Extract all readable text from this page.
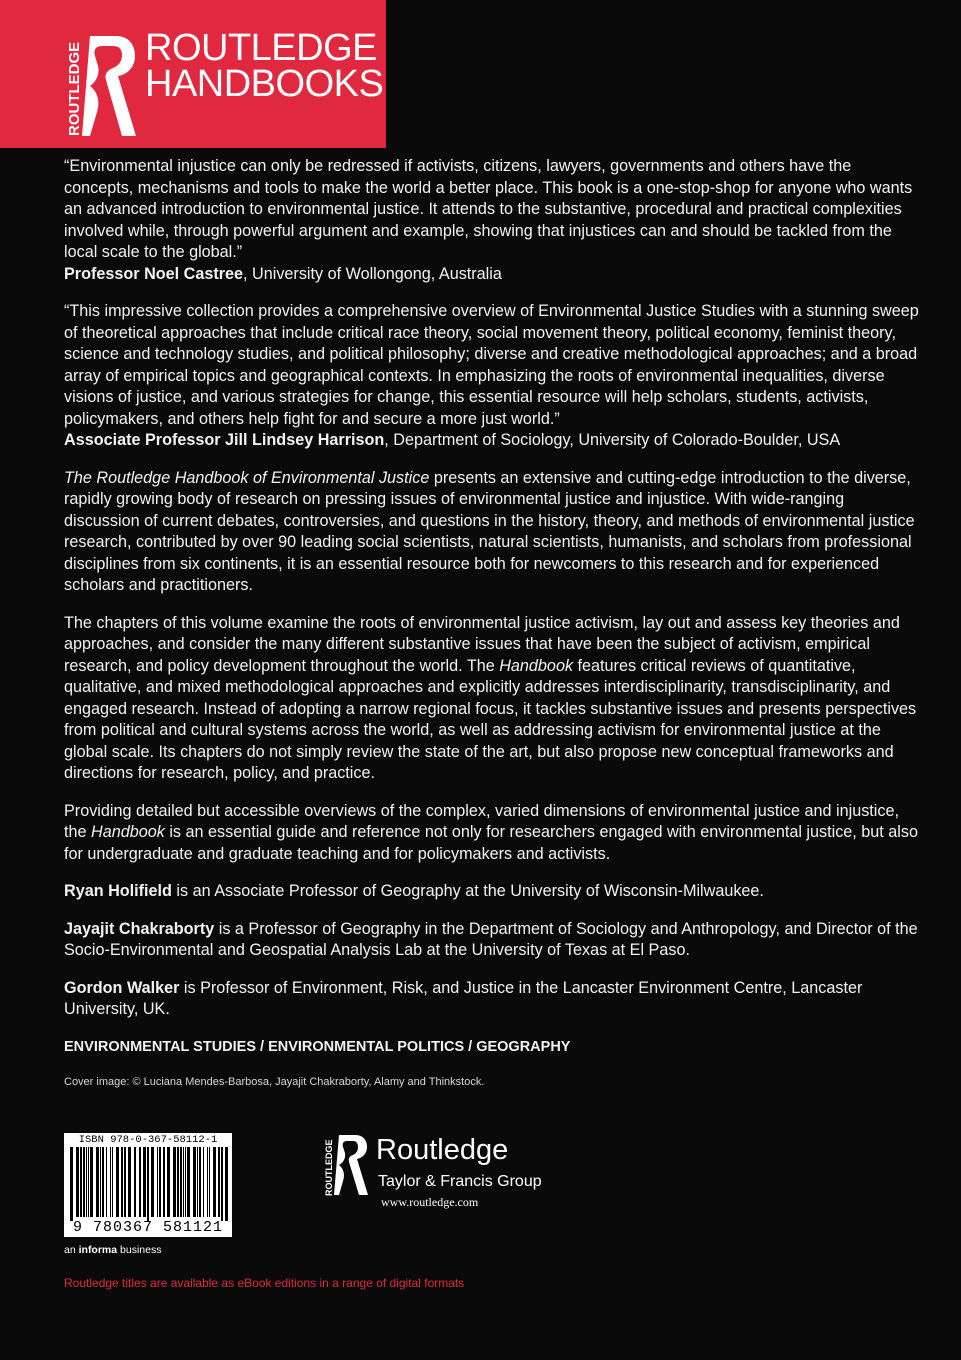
ROUTLEDGE ROUTLEDGE
HANDBOOKS

“Environmental injustice can only be redressed if activists, citizens, lawyers, governments and others have the concepts, mechanisms and tools to make the world a better place. This book is a one-stop-shop for anyone who wants an advanced introduction to environmental justice. It attends to the substantive, procedural and practical complexities involved while, through powerful argument and example, showing that injustices can and should be tackled from the local scale to the global.”

Professor Noel Castree, University of Wollongong, Australia

“This impressive collection provides a comprehensive overview of Environmental Justice Studies with a stunning sweep of theoretical approaches that include critical race theory, social movement theory, political economy, feminist theory, science and technology studies, and political philosophy; diverse and creative methodological approaches; and a broad array of empirical topics and geographical contexts. In emphasizing the roots of environmental inequalities, diverse visions of justice, and various strategies for change, this essential resource will help scholars, students, activists, policymakers, and others help fight for and secure a more just world.”

Associate Professor Jill Lindsey Harrison, Department of Sociology, University of Colorado-Boulder, USA

The Routledge Handbook of Environmental Justice presents an extensive and cutting-edge introduction to the diverse, rapidly growing body of research on pressing issues of environmental justice and injustice. With wide-ranging discussion of current debates, controversies, and questions in the history, theory, and methods of environmental justice research, contributed by over 90 leading social scientists, natural scientists, humanists, and scholars from professional disciplines from six continents, it is an essential resource both for newcomers to this research and for experienced scholars and practitioners.

The chapters of this volume examine the roots of environmental justice activism, lay out and assess key theories and approaches, and consider the many different substantive issues that have been the subject of activism, empirical research, and policy development throughout the world. The Handbook features critical reviews of quantitative, qualitative, and mixed methodological approaches and explicitly addresses interdisciplinarity, transdisciplinarity, and engaged research. Instead of adopting a narrow regional focus, it tackles substantive issues and presents perspectives from political and cultural systems across the world, as well as addressing activism for environmental justice at the global scale. Its chapters do not simply review the state of the art, but also propose new conceptual frameworks and directions for research, policy, and practice.

Providing detailed but accessible overviews of the complex, varied dimensions of environmental justice and injustice, the Handbook is an essential guide and reference not only for researchers engaged with environmental justice, but also for undergraduate and graduate teaching and for policymakers and activists.

Ryan Holifield is an Associate Professor of Geography at the University of Wisconsin-Milwaukee.

Jayajit Chakraborty is a Professor of Geography in the Department of Sociology and Anthropology, and Director of the Socio-Environmental and Geospatial Analysis Lab at the University of Texas at El Paso.

Gordon Walker is Professor of Environment, Risk, and Justice in the Lancaster Environment Centre, Lancaster University, UK.

ENVIRONMENTAL STUDIES / ENVIRONMENTAL POLITICS / GEOGRAPHY
Cover image: © Luciana Mendes-Barbosa, Jayajit Chakraborty, Alamy and Thinkstock.
ISBN 978-0-367-58112-1
9 780367 581121
an informa business
ROUTLEDGE Routledge
Taylor & Francis Group
www.routledge.com
Routledge titles are available as eBook editions in a range of digital formats
